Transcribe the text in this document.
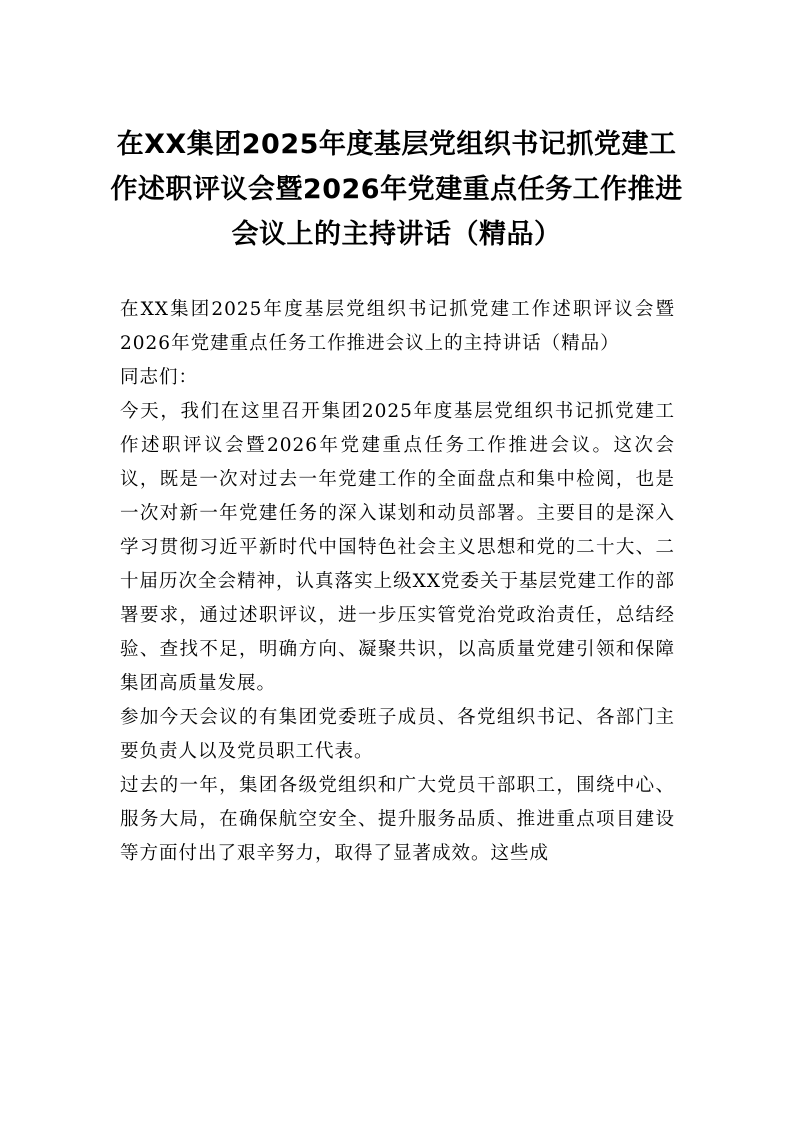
在XX集团2025年度基层党组织书记抓党建工作述职评议会暨2026年党建重点任务工作推进会议上的主持讲话（精品）

在XX集团2025年度基层党组织书记抓党建工作述职评议会暨2026年党建重点任务工作推进会议上的主持讲话（精品）

同志们：

今天，我们在这里召开集团2025年度基层党组织书记抓党建工作述职评议会暨2026年党建重点任务工作推进会议。这次会议，既是一次对过去一年党建工作的全面盘点和集中检阅，也是一次对新一年党建任务的深入谋划和动员部署。主要目的是深入学习贯彻习近平新时代中国特色社会主义思想和党的二十大、二十届历次全会精神，认真落实上级XX党委关于基层党建工作的部署要求，通过述职评议，进一步压实管党治党政治责任，总结经验、查找不足，明确方向、凝聚共识，以高质量党建引领和保障集团高质量发展。

参加今天会议的有集团党委班子成员、各党组织书记、各部门主要负责人以及党员职工代表。

过去的一年，集团各级党组织和广大党员干部职工，围绕中心、服务大局，在确保航空安全、提升服务品质、推进重点项目建设等方面付出了艰辛努力，取得了显著成效。这些成
